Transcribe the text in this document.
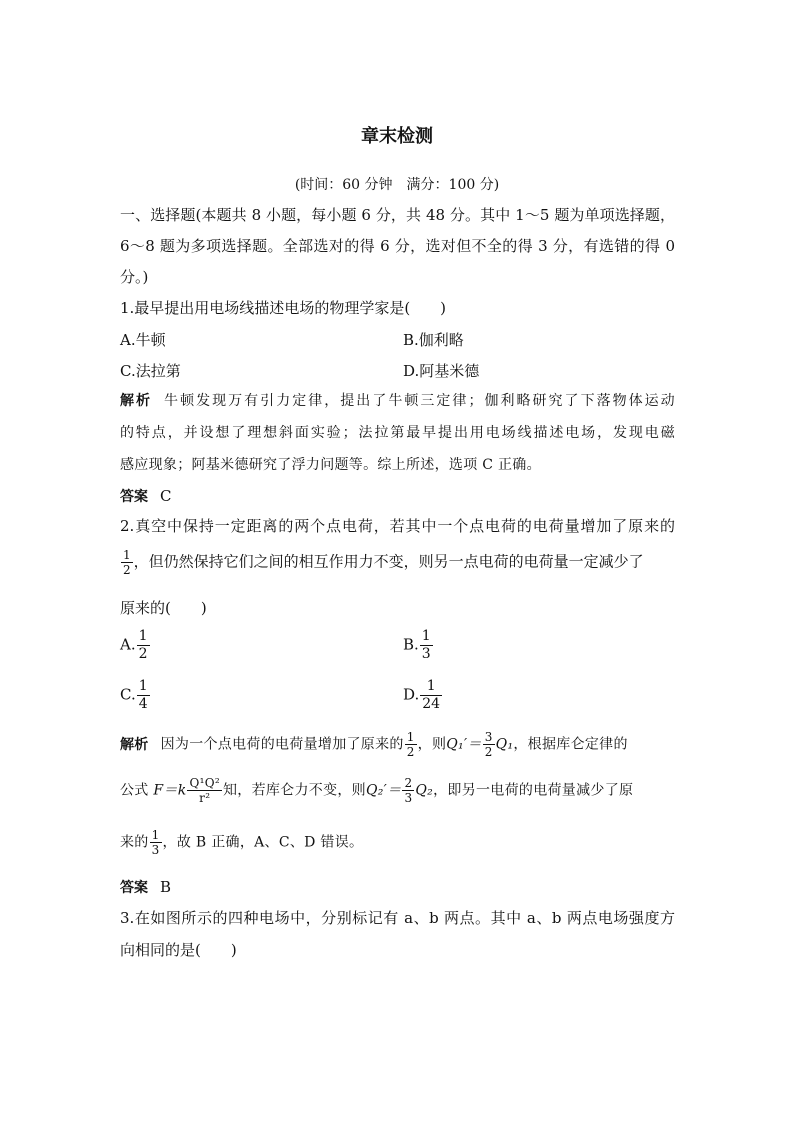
章末检测
(时间：60 分钟　满分：100 分)
一、选择题(本题共 8 小题，每小题 6 分，共 48 分。其中 1～5 题为单项选择题，
6～8 题为多项选择题。全部选对的得 6 分，选对但不全的得 3 分，有选错的得 0
分。)
1.最早提出用电场线描述电场的物理学家是(　　)
A.牛顿	B.伽利略
C.法拉第	D.阿基米德
解析 牛顿发现万有引力定律，提出了牛顿三定律；伽利略研究了下落物体运动
的特点，并设想了理想斜面实验；法拉第最早提出用电场线描述电场，发现电磁
感应现象；阿基米德研究了浮力问题等。综上所述，选项 C 正确。
答案 C
2.真空中保持一定距离的两个点电荷，若其中一个点电荷的电荷量增加了原来的
$\frac{1}{2}$ ，但仍然保持它们之间的相互作用力不变，则另一点电荷的电荷量一定减少了
原来的(　　)
A. $\frac{1}{2}$	B. $\frac{1}{3}$
C. $\frac{1}{4}$	D. $\frac{1}{24}$
解析 因为一个点电荷的电荷量增加了原来的 $\frac{1}{2}$ ，则$Q_1'= \frac{3}{2} Q_1$，根据库仑定律的
公式 $F=k \frac{\text{Q¹Q²}}{\text{r²}}$ 知，若库仑力不变，则$Q_2'= \frac{2}{3} Q_2$，即另一电荷的电荷量减少了原
来的 $\frac{1}{3}$ ，故 B 正确，A、C、D 错误。
答案 B
3.在如图所示的四种电场中，分别标记有 a、b 两点。其中 a、b 两点电场强度方
向相同的是(　　)
